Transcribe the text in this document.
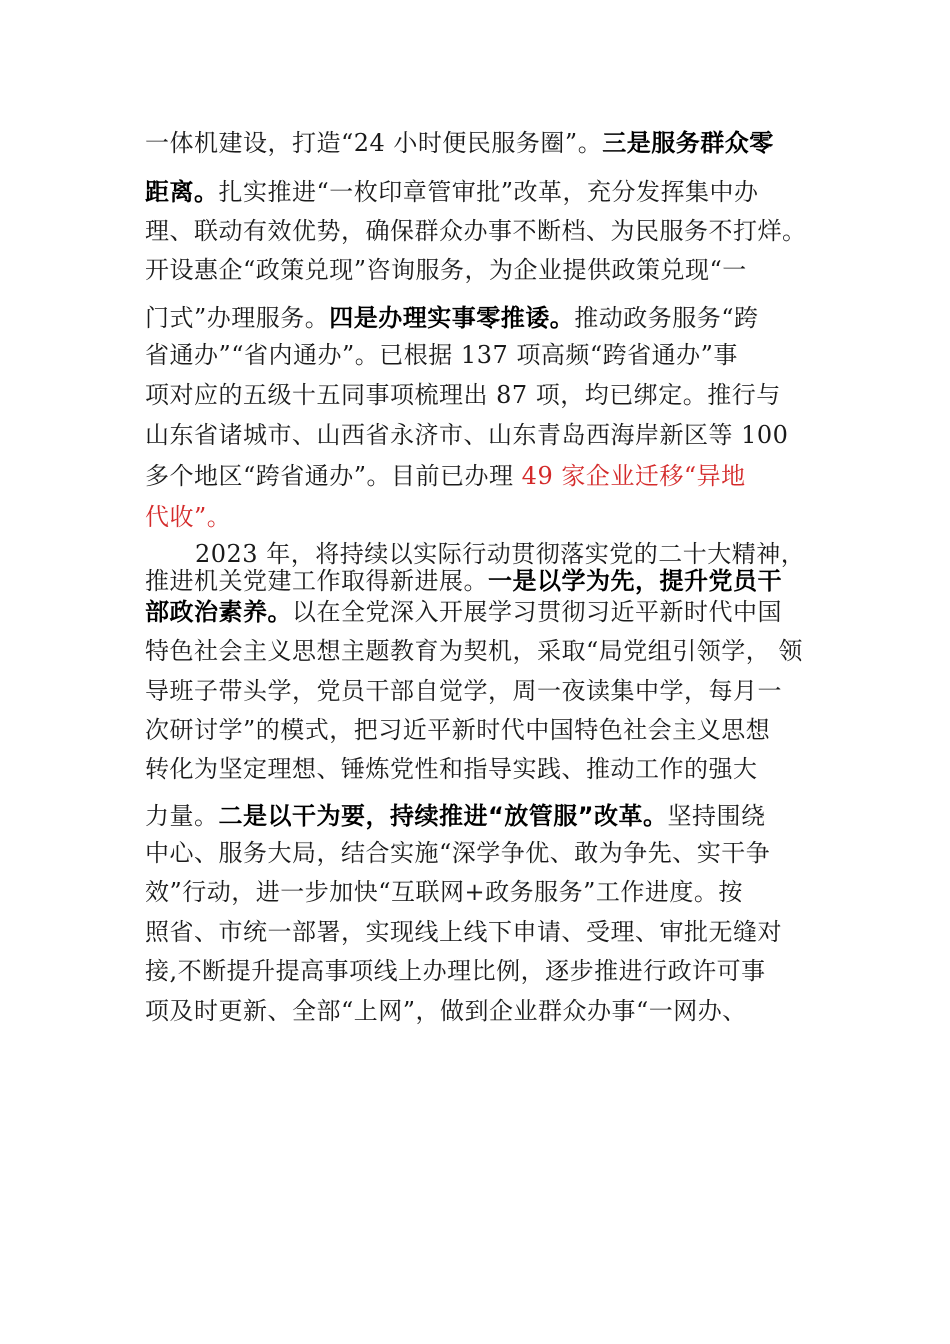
一体机建设，打造“24 小时便民服务圈”。三是服务群众零
距离。扎实推进“一枚印章管审批”改革，充分发挥集中办
理、联动有效优势，确保群众办事不断档、为民服务不打烊。
开设惠企“政策兑现”咨询服务，为企业提供政策兑现“一
门式”办理服务。四是办理实事零推诿。推动政务服务“跨
省通办”“省内通办”。已根据 137 项高频“跨省通办”事
项对应的五级十五同事项梳理出 87 项，均已绑定。推行与
山东省诸城市、山西省永济市、山东青岛西海岸新区等 100
多个地区“跨省通办”。目前已办理 49 家企业迁移“异地
代收”。
2023 年，将持续以实际行动贯彻落实党的二十大精神，
推进机关党建工作取得新进展。一是以学为先，提升党员干
部政治素养。以在全党深入开展学习贯彻习近平新时代中国
特色社会主义思想主题教育为契机，采取“局党组引领学， 领
导班子带头学，党员干部自觉学，周一夜读集中学，每月一
次研讨学”的模式，把习近平新时代中国特色社会主义思想
转化为坚定理想、锤炼党性和指导实践、推动工作的强大
力量。二是以干为要，持续推进“放管服”改革。坚持围绕
中心、服务大局，结合实施“深学争优、敢为争先、实干争
效”行动，进一步加快“互联网+政务服务”工作进度。按
照省、市统一部署，实现线上线下申请、受理、审批无缝对
接,不断提升提高事项线上办理比例，逐步推进行政许可事
项及时更新、全部“上网”，做到企业群众办事“一网办、
